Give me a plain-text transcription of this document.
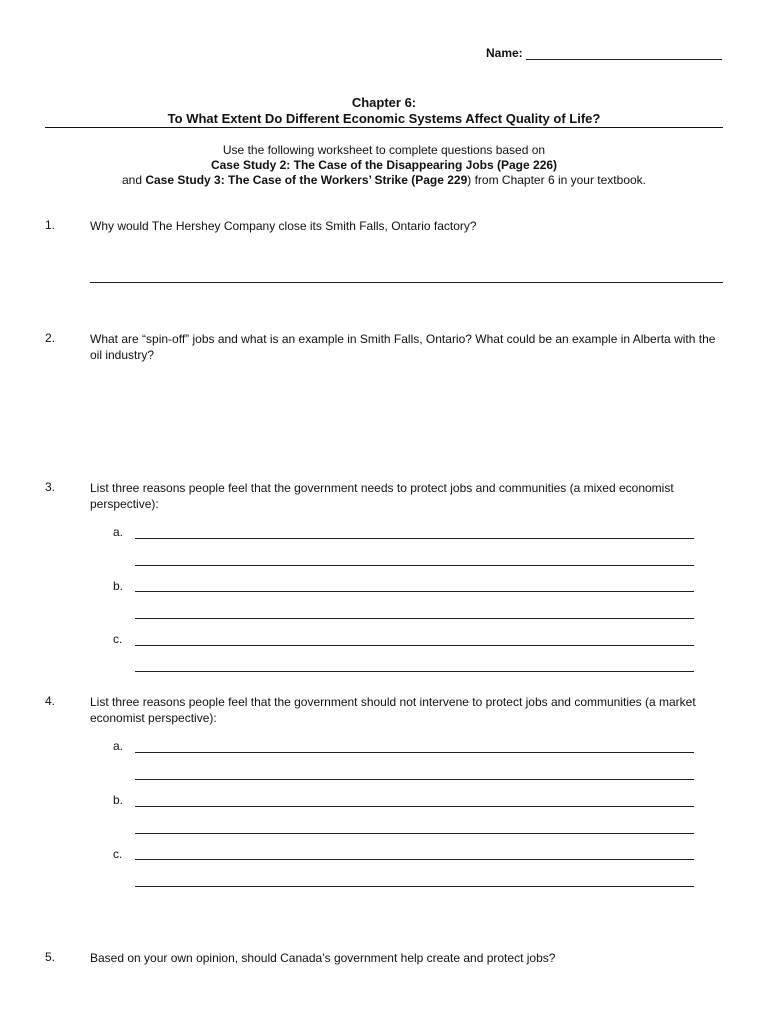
Name:
Chapter 6:
To What Extent Do Different Economic Systems Affect Quality of Life?
Use the following worksheet to complete questions based on
Case Study 2: The Case of the Disappearing Jobs (Page 226)
and Case Study 3: The Case of the Workers’ Strike (Page 229) from Chapter 6 in your textbook.
1.	Why would The Hershey Company close its Smith Falls, Ontario factory?
2.	What are “spin-off” jobs and what is an example in Smith Falls, Ontario? What could be an example in Alberta with the oil industry?
3.	List three reasons people feel that the government needs to protect jobs and communities (a mixed economist perspective):
a.
b.
c.
4.	List three reasons people feel that the government should not intervene to protect jobs and communities (a market economist perspective):
a.
b.
c.
5.	Based on your own opinion, should Canada’s government help create and protect jobs?
